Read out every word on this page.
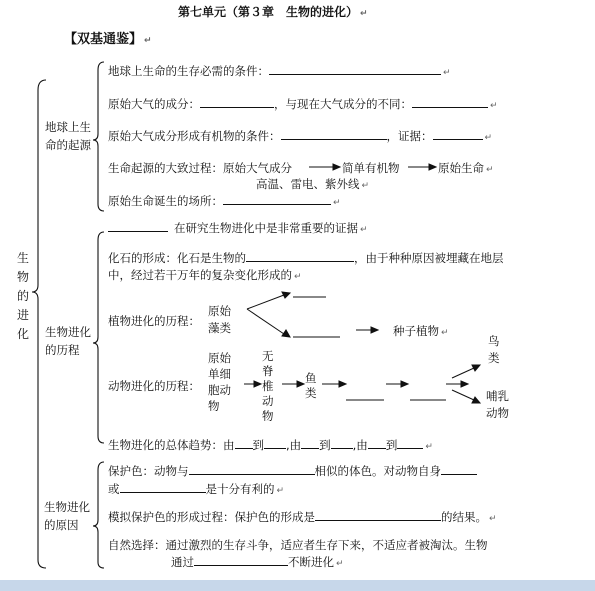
第七单元（第３章　生物的进化） ↵
【双基通鉴】 ↵
生物的进化
地球上生命的起源
地球上生命的生存必需的条件：	↵
原始大气的成分：	，与现在大气成分的不同：	↵
原始大气成分形成有机物的条件：	，证据：	↵
生命起源的大致过程：原始大气成分	简单有机物	原始生命 ↵
高温、雷电、紫外线 ↵
原始生命诞生的场所：	↵
生物进化的历程
在研究生物进化中是非常重要的证据 ↵
化石的形成：化石是生物的	，由于种种原因被埋藏在地层
中，经过若干万年的复杂变化形成的 ↵
植物进化的历程：
原始藻类	种子植物 ↵
动物进化的历程：
原始单细胞动物
无脊椎动物
鱼类
鸟类
哺乳动物
生物进化的总体趋势：由 到 ,由 到 ,由 到	↵
生物进化的原因
保护色：动物与	相似的体色。对动物自身
或	是十分有利的 ↵
模拟保护色的形成过程：保护色的形成是	的结果。 ↵
自然选择：通过激烈的生存斗争，适应者生存下来，不适应者被淘汰。生物
通过	不断进化 ↵
